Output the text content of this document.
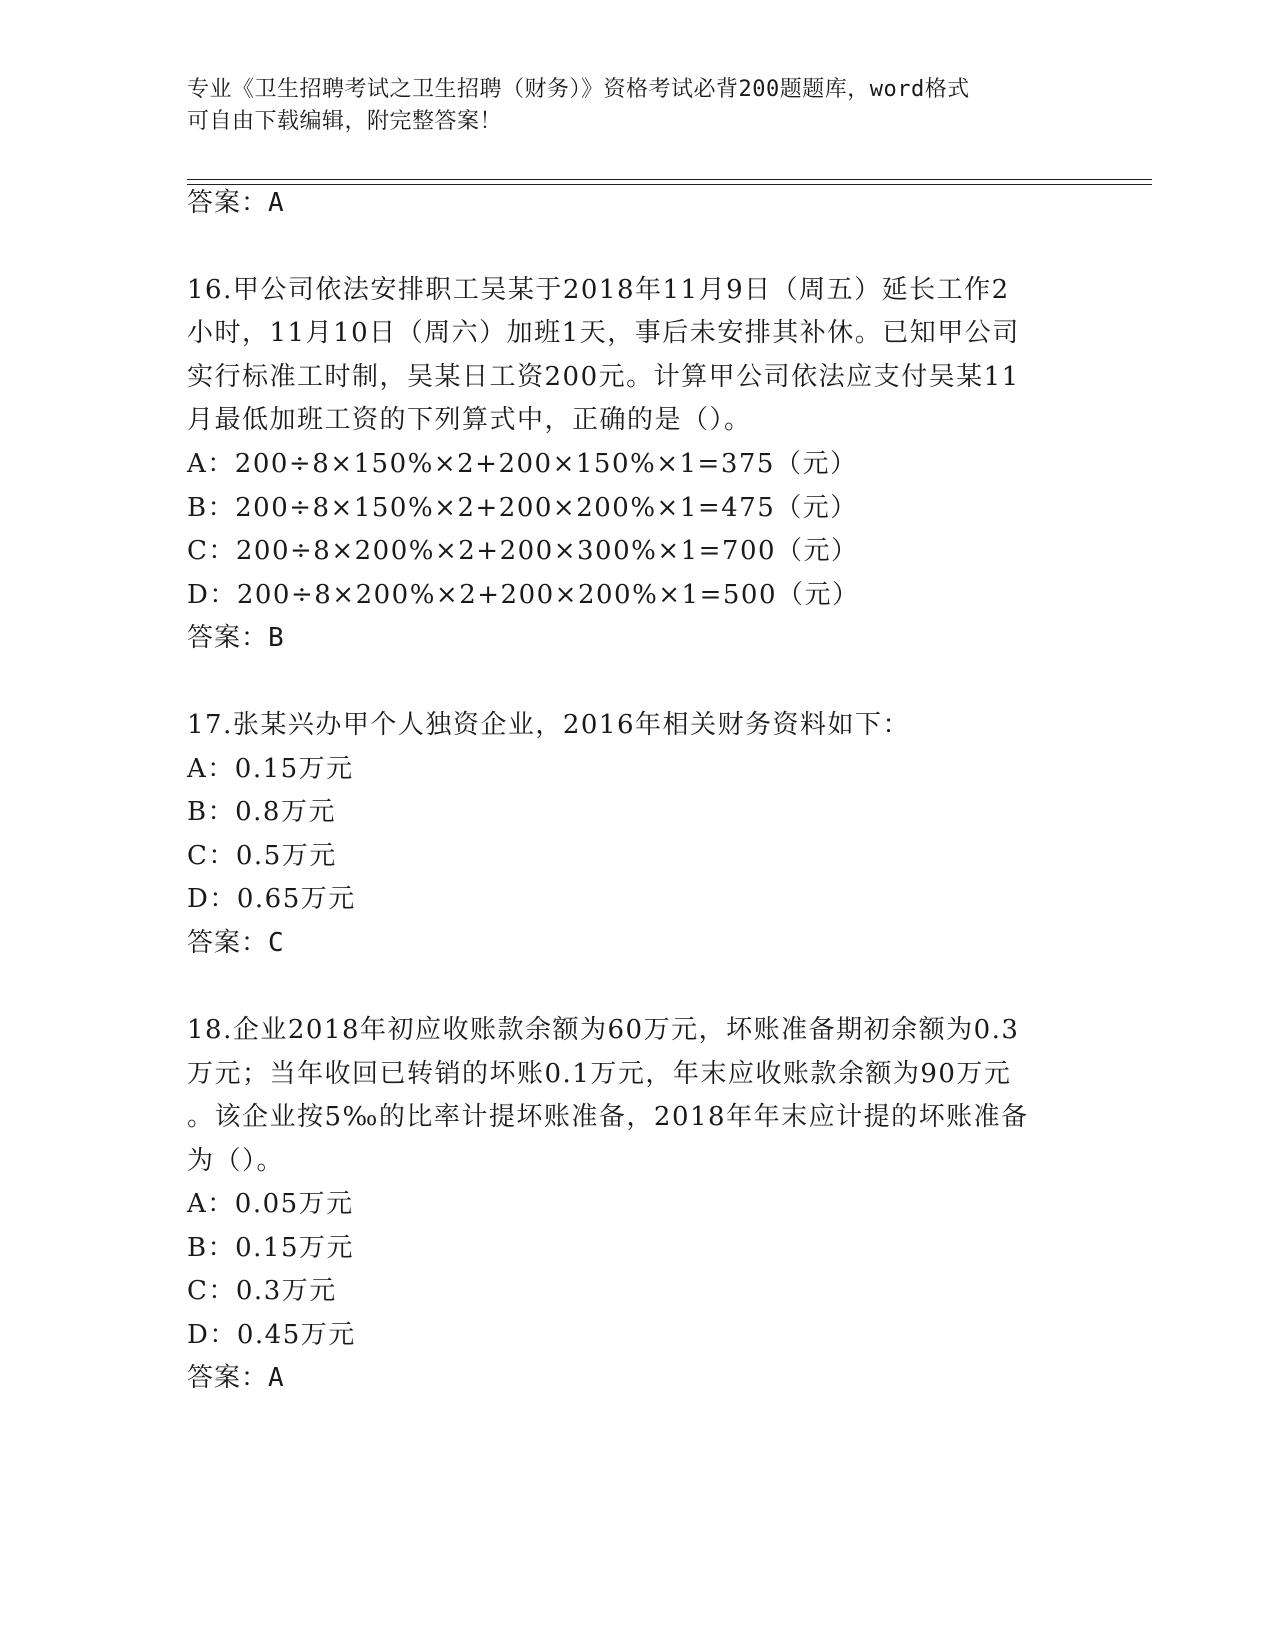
专业《卫生招聘考试之卫生招聘（财务）》资格考试必背200题题库，word格式
可自由下载编辑，附完整答案！
答案：A
16.甲公司依法安排职工吴某于2018年11月9日（周五）延长工作2
小时，11月10日（周六）加班1天，事后未安排其补休。已知甲公司
实行标准工时制，吴某日工资200元。计算甲公司依法应支付吴某11
月最低加班工资的下列算式中，正确的是（）。
A：200÷8×150%×2+200×150%×1=375（元）
B：200÷8×150%×2+200×200%×1=475（元）
C：200÷8×200%×2+200×300%×1=700（元）
D：200÷8×200%×2+200×200%×1=500（元）
答案：B
17.张某兴办甲个人独资企业，2016年相关财务资料如下：
A：0.15万元
B：0.8万元
C：0.5万元
D：0.65万元
答案：C
18.企业2018年初应收账款余额为60万元，坏账准备期初余额为0.3
万元；当年收回已转销的坏账0.1万元，年末应收账款余额为90万元
。该企业按5‰的比率计提坏账准备，2018年年末应计提的坏账准备
为（）。
A：0.05万元
B：0.15万元
C：0.3万元
D：0.45万元
答案：A
